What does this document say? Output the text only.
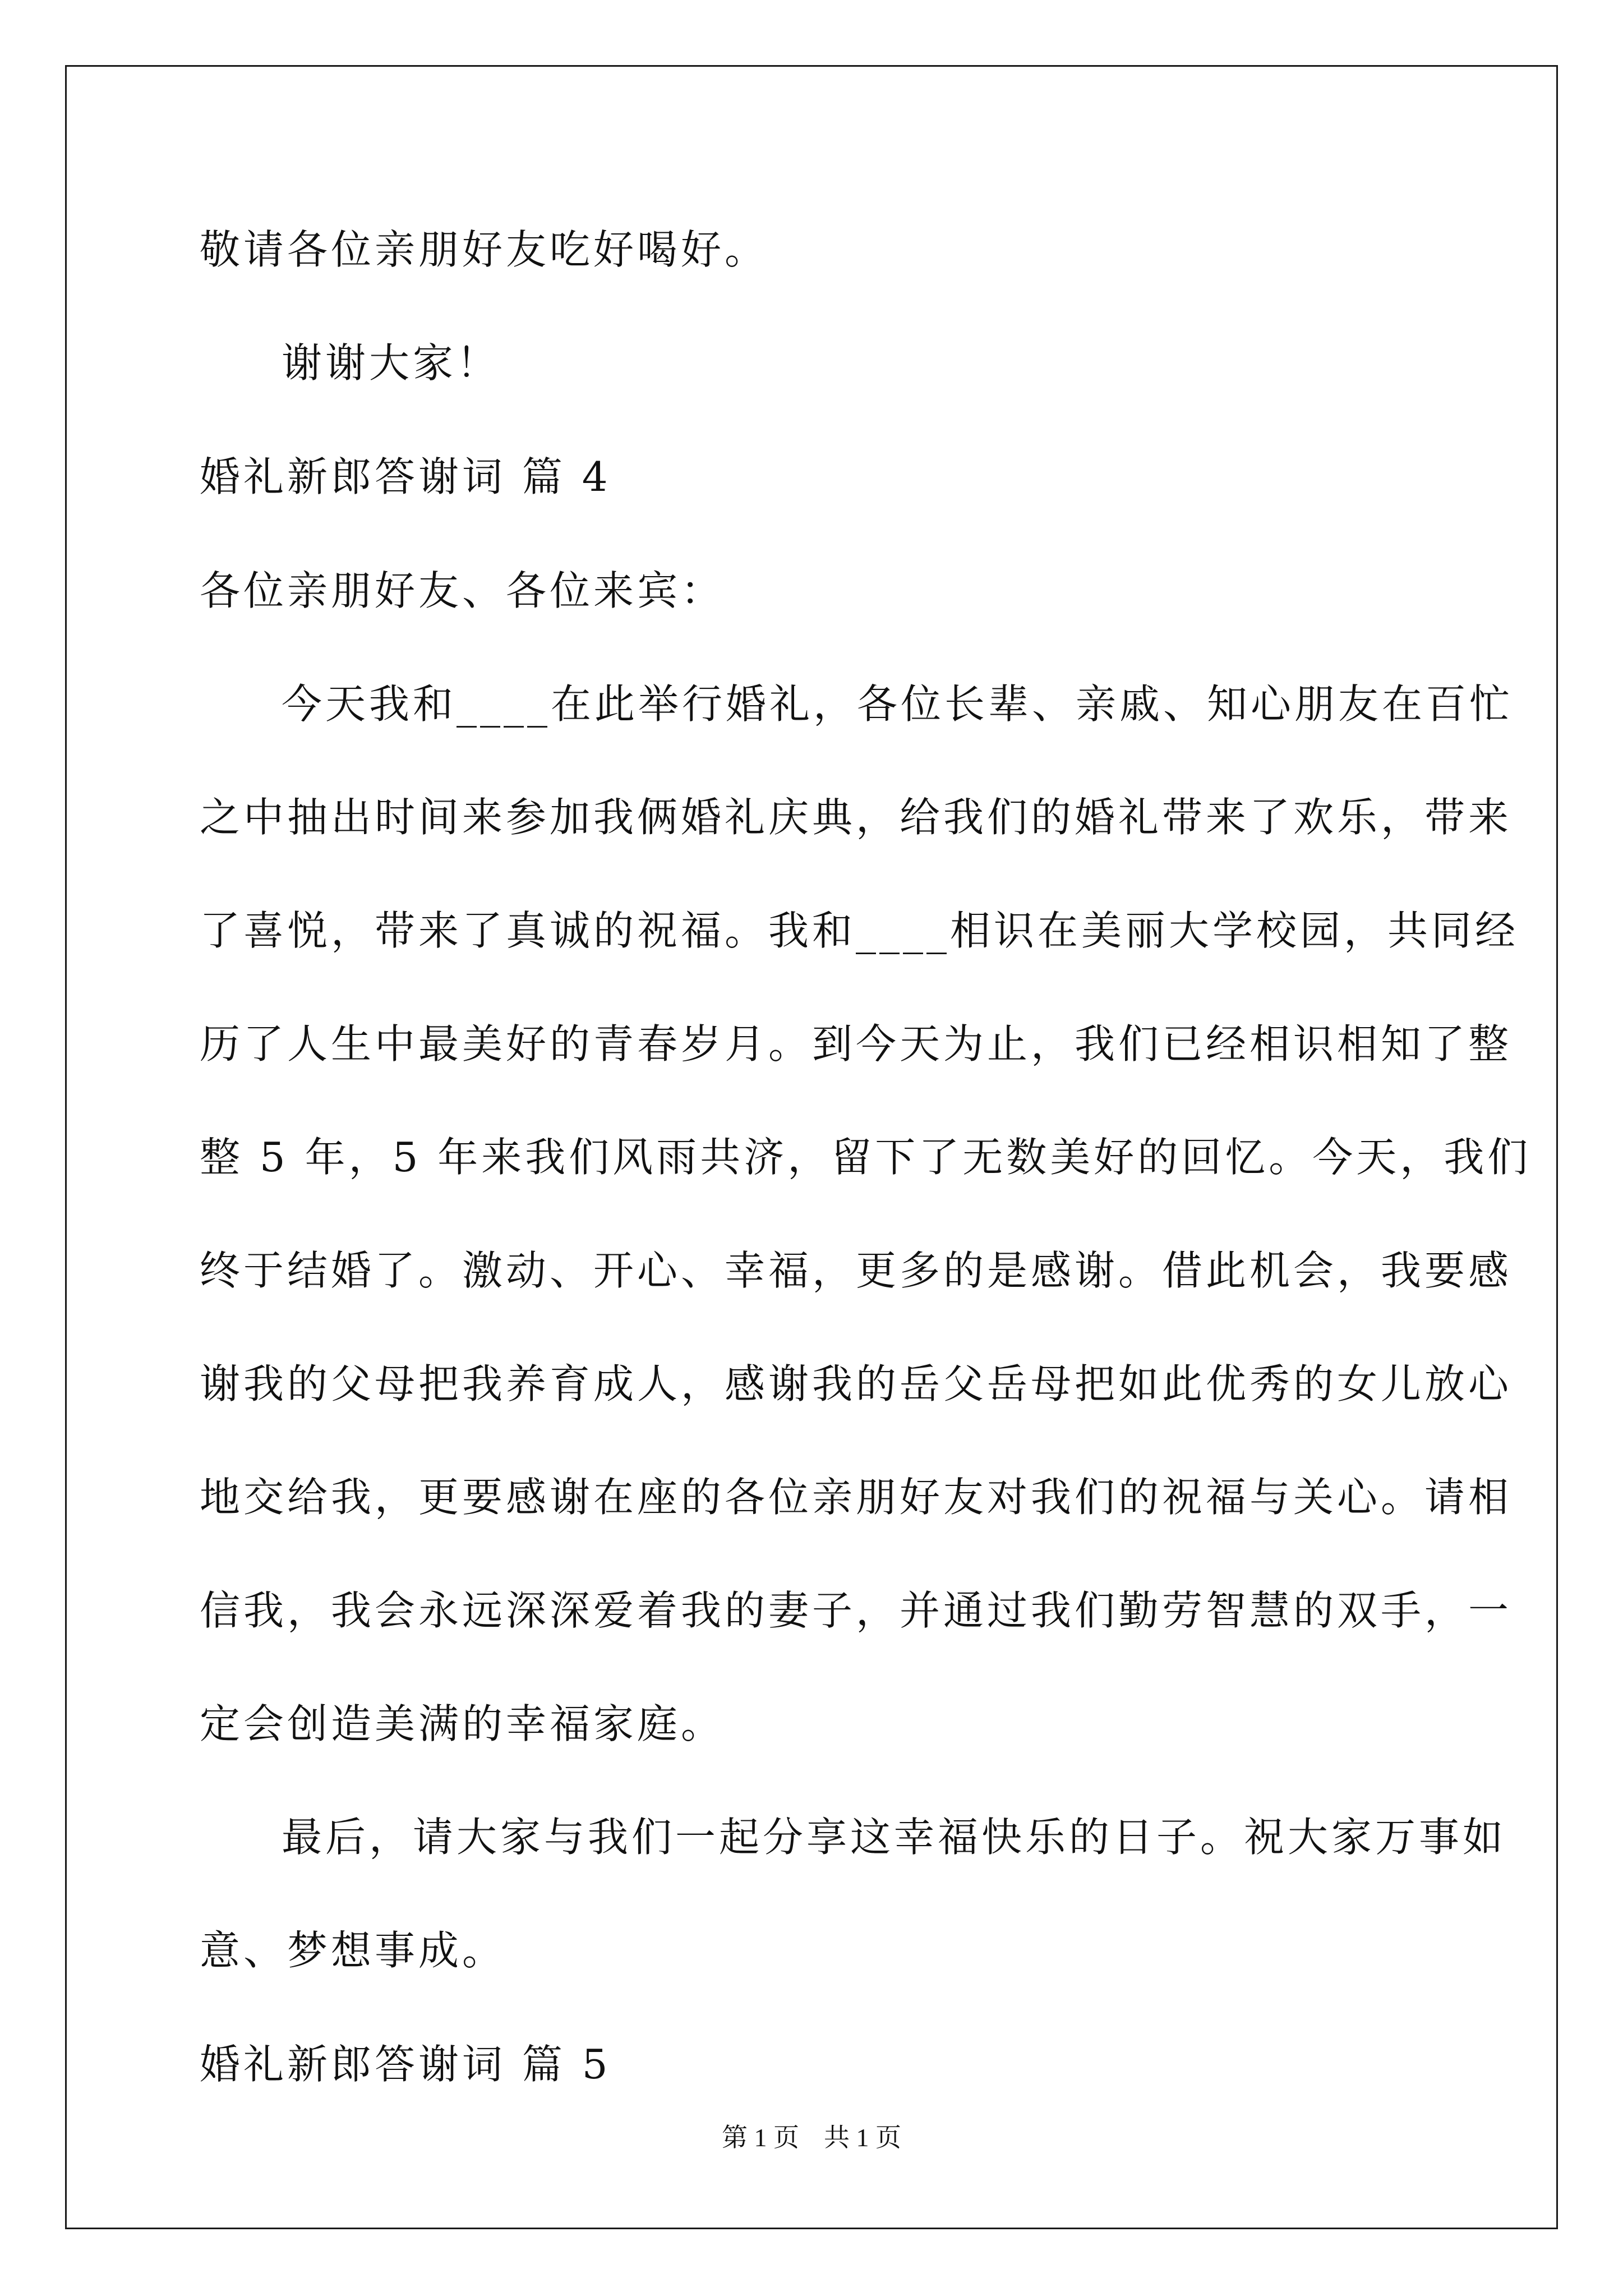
敬请各位亲朋好友吃好喝好。
谢谢大家！
婚礼新郎答谢词 篇 4
各位亲朋好友、各位来宾：
今天我和____在此举行婚礼，各位长辈、亲戚、知心朋友在百忙
之中抽出时间来参加我俩婚礼庆典，给我们的婚礼带来了欢乐，带来
了喜悦，带来了真诚的祝福。我和____相识在美丽大学校园，共同经
历了人生中最美好的青春岁月。到今天为止，我们已经相识相知了整
整 5 年，5 年来我们风雨共济，留下了无数美好的回忆。今天，我们
终于结婚了。激动、开心、幸福，更多的是感谢。借此机会，我要感
谢我的父母把我养育成人，感谢我的岳父岳母把如此优秀的女儿放心
地交给我，更要感谢在座的各位亲朋好友对我们的祝福与关心。请相
信我，我会永远深深爱着我的妻子，并通过我们勤劳智慧的双手，一
定会创造美满的幸福家庭。
最后，请大家与我们一起分享这幸福快乐的日子。祝大家万事如
意、梦想事成。
婚礼新郎答谢词 篇 5
第 1 页 共 1 页
